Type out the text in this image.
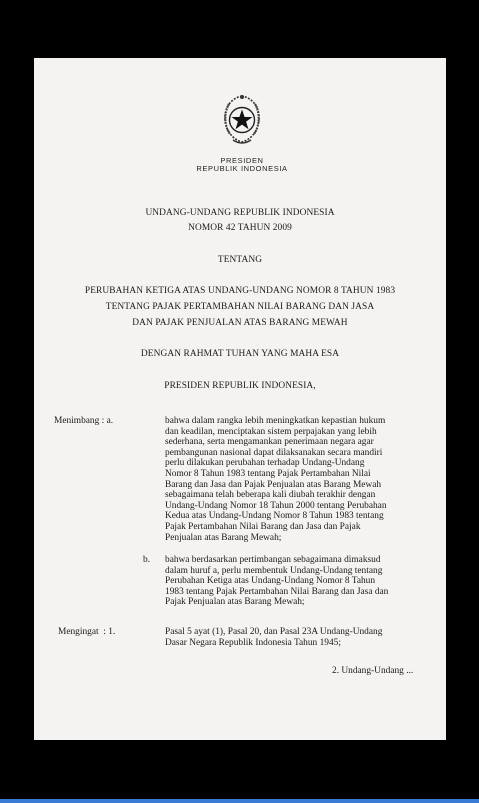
PRESIDEN
REPUBLIK INDONESIA
UNDANG-UNDANG REPUBLIK INDONESIA
NOMOR 42 TAHUN 2009
TENTANG
PERUBAHAN KETIGA ATAS UNDANG-UNDANG NOMOR 8 TAHUN 1983
TENTANG PAJAK PERTAMBAHAN NILAI BARANG DAN JASA
DAN PAJAK PENJUALAN ATAS BARANG MEWAH
DENGAN RAHMAT TUHAN YANG MAHA ESA
PRESIDEN REPUBLIK INDONESIA,
Menimbang : a.	bahwa dalam rangka lebih meningkatkan kepastian hukum
dan keadilan, menciptakan sistem perpajakan yang lebih
sederhana, serta mengamankan penerimaan negara agar
pembangunan nasional dapat dilaksanakan secara mandiri
perlu dilakukan perubahan terhadap Undang-Undang
Nomor 8 Tahun 1983 tentang Pajak Pertambahan Nilai
Barang dan Jasa dan Pajak Penjualan atas Barang Mewah
sebagaimana telah beberapa kali diubah terakhir dengan
Undang-Undang Nomor 18 Tahun 2000 tentang Perubahan
Kedua atas Undang-Undang Nomor 8 Tahun 1983 tentang
Pajak Pertambahan Nilai Barang dan Jasa dan Pajak
Penjualan atas Barang Mewah;
b. bahwa berdasarkan pertimbangan sebagaimana dimaksud
dalam huruf a, perlu membentuk Undang-Undang tentang
Perubahan Ketiga atas Undang-Undang Nomor 8 Tahun
1983 tentang Pajak Pertambahan Nilai Barang dan Jasa dan
Pajak Penjualan atas Barang Mewah;
Mengingat  : 1.	Pasal 5 ayat (1), Pasal 20, dan Pasal 23A Undang-Undang
Dasar Negara Republik Indonesia Tahun 1945;
2. Undang-Undang ...
